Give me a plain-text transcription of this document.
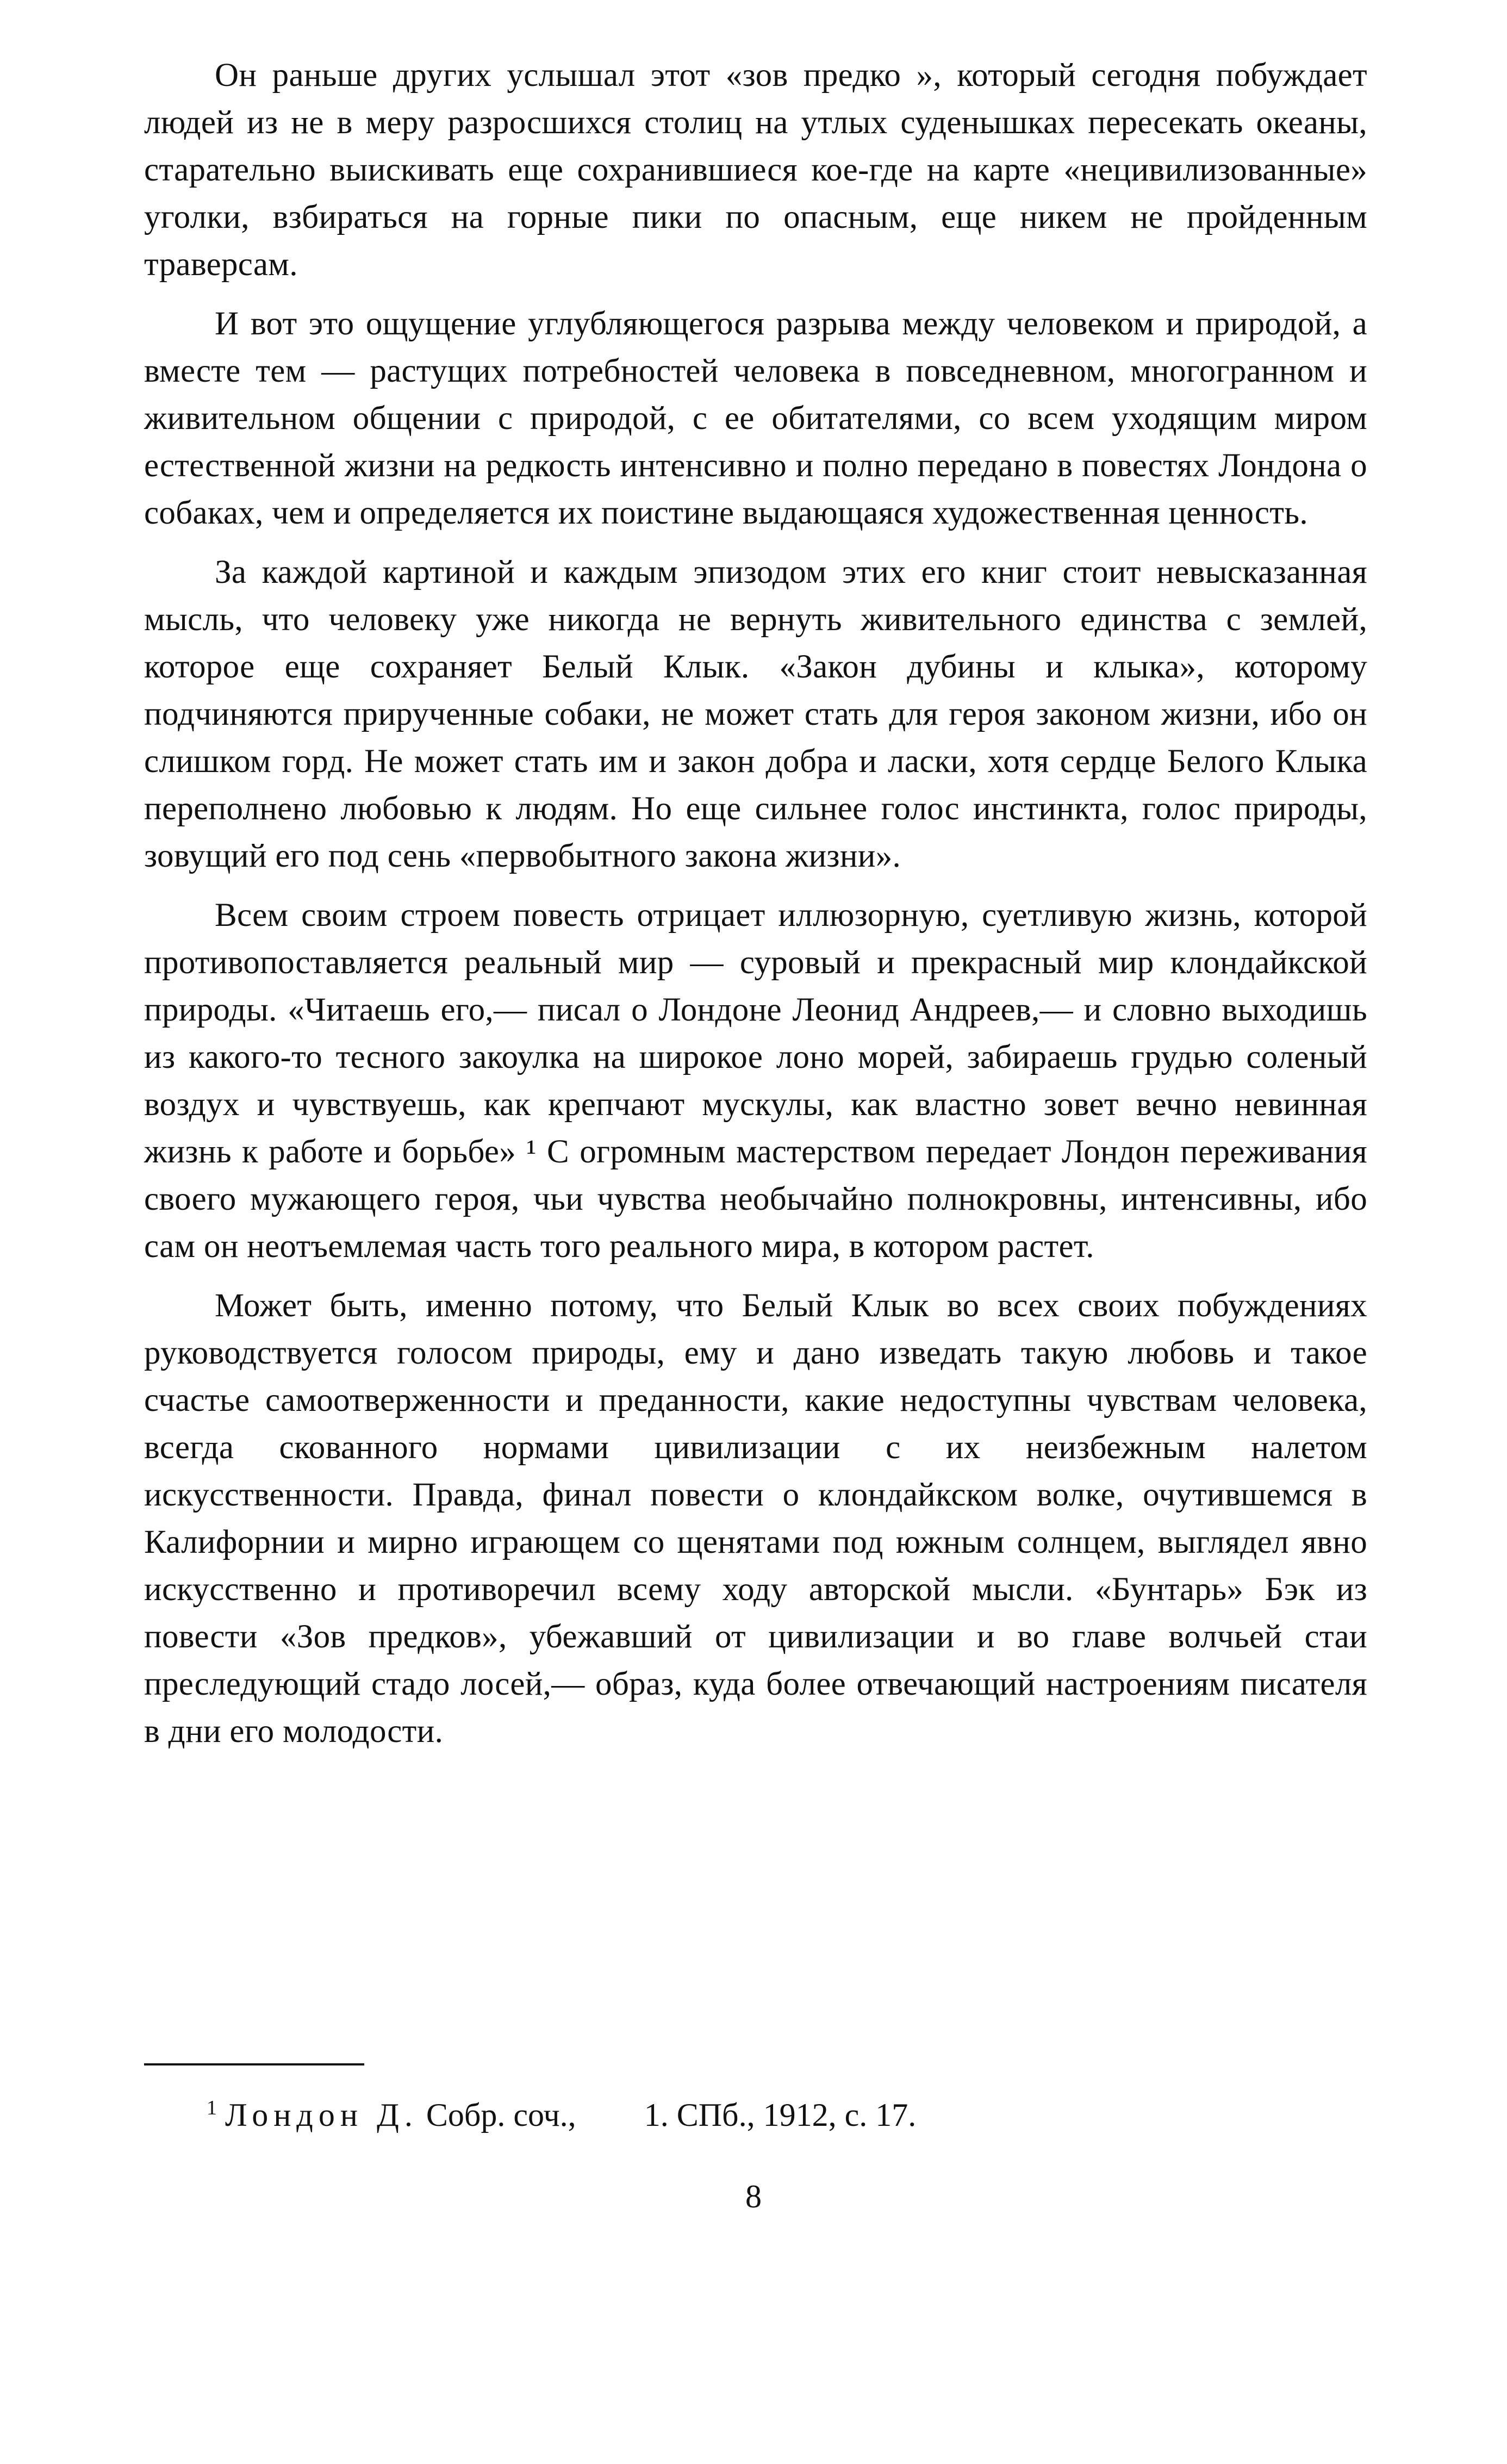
Он раньше других услышал этот «зов предко », который сегодня побуждает людей из не в меру разросшихся столиц на утлых суденышках пересекать океаны, старательно выискивать еще сохранившиеся кое-где на карте «нецивилизованные» уголки, взбираться на горные пики по опасным, еще никем не пройденным траверсам.

И вот это ощущение углубляющегося разрыва между человеком и природой, а вместе тем — растущих потребностей человека в повседневном, многогранном и живительном общении с природой, с ее обитателями, со всем уходящим миром естественной жизни на редкость интенсивно и полно передано в повестях Лондона о собаках, чем и определяется их поистине выдающаяся художественная ценность.

За каждой картиной и каждым эпизодом этих его книг стоит невысказанная мысль, что человеку уже никогда не вернуть живительного единства с землей, которое еще сохраняет Белый Клык. «Закон дубины и клыка», которому подчиняются прирученные собаки, не может стать для героя законом жизни, ибо он слишком горд. Не может стать им и закон добра и ласки, хотя сердце Белого Клыка переполнено любовью к людям. Но еще сильнее голос инстинкта, голос природы, зовущий его под сень «первобытного закона жизни».

Всем своим строем повесть отрицает иллюзорную, суетливую жизнь, которой противопоставляется реальный мир — суровый и прекрасный мир клондайкской природы. «Читаешь его,— писал о Лондоне Леонид Андреев,— и словно выходишь из какого-то тесного закоулка на широкое лоно морей, забираешь грудью соленый воздух и чувствуешь, как крепчают мускулы, как властно зовет вечно невинная жизнь к работе и борьбе» ¹ С огромным мастерством передает Лондон переживания своего мужающего героя, чьи чувства необычайно полнокровны, интенсивны, ибо сам он неотъемлемая часть того реального мира, в котором растет.

Может быть, именно потому, что Белый Клык во всех своих побуждениях руководствуется голосом природы, ему и дано изведать такую любовь и такое счастье самоотверженности и преданности, какие недоступны чувствам человека, всегда скованного нормами цивилизации с их неизбежным налетом искусственности. Правда, финал повести о клондайкском волке, очутившемся в Калифорнии и мирно играющем со щенятами под южным солнцем, выглядел явно искусственно и противоречил всему ходу авторской мысли. «Бунтарь» Бэк из повести «Зов предков», убежавший от цивилизации и во главе волчьей стаи преследующий стадо лосей,— образ, куда более отвечающий настроениям писателя в дни его молодости.

$^1$ Лондон Д. Собр. соч., 1. СПб., 1912, с. 17.
8
